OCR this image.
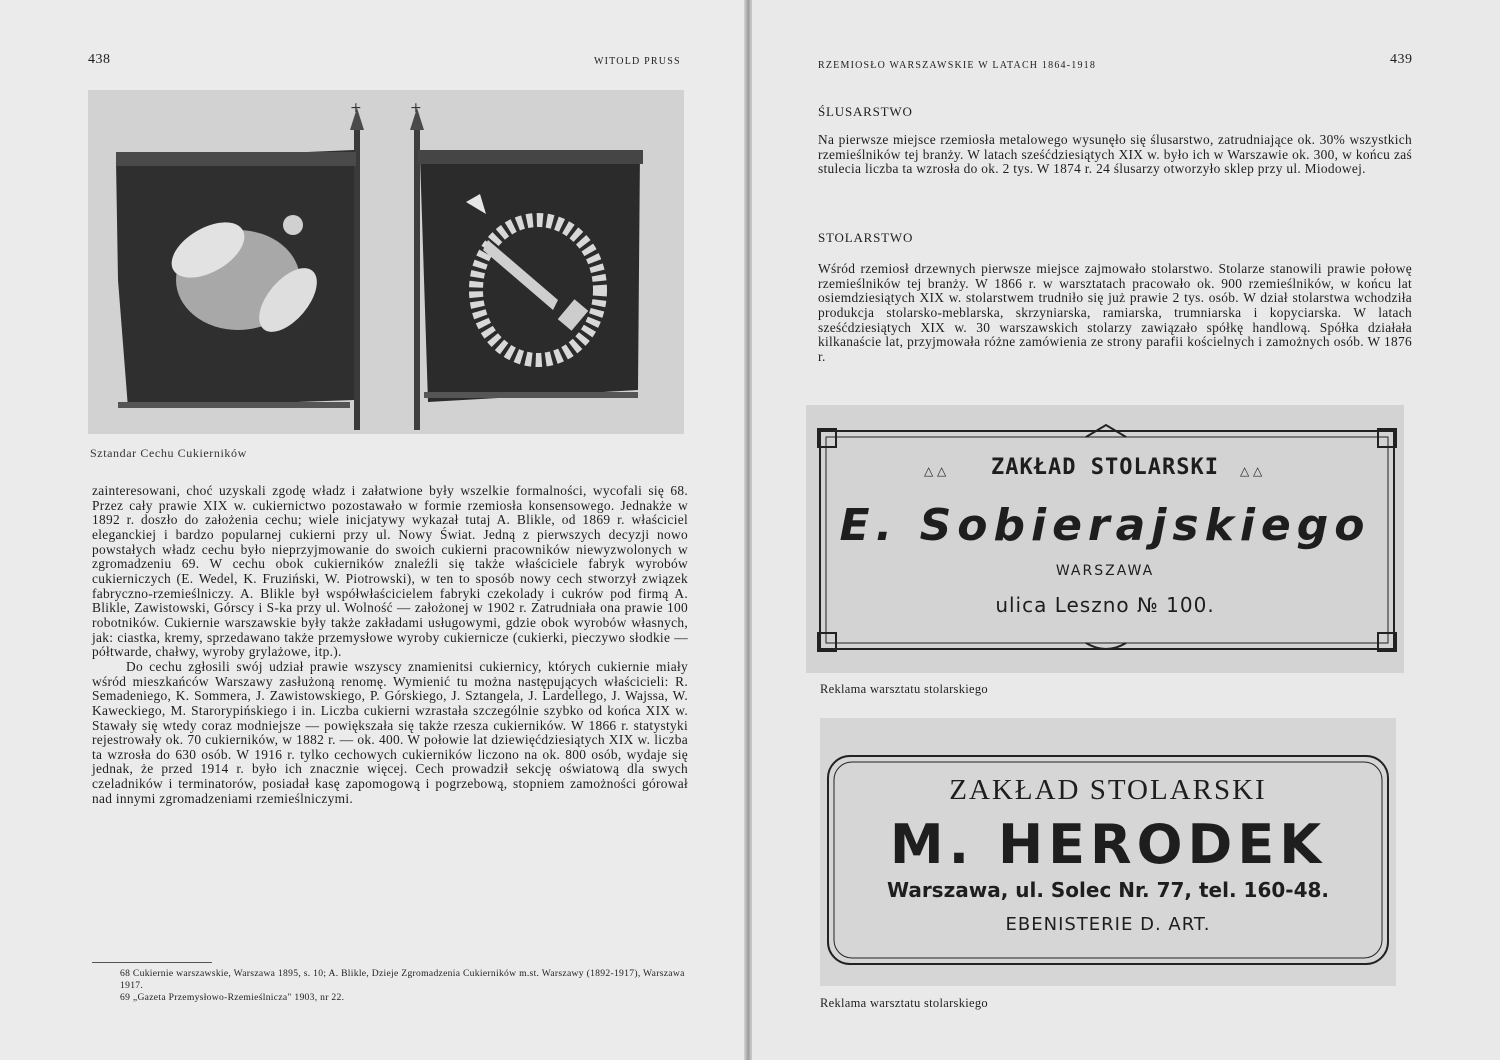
438	WITOLD PRUSS
+	+
Sztandar Cechu Cukierników

zainteresowani, choć uzyskali zgodę władz i załatwione były wszelkie formalności, wycofali się 68. Przez cały prawie XIX w. cukiernictwo pozostawało w formie rzemiosła konsensowego. Jednakże w 1892 r. doszło do założenia cechu; wiele inicjatywy wykazał tutaj A. Blikle, od 1869 r. właściciel eleganckiej i bardzo popularnej cukierni przy ul. Nowy Świat. Jedną z pierwszych decyzji nowo powstałych władz cechu było nieprzyjmowanie do swoich cukierni pracowników niewyzwolonych w zgromadzeniu 69. W cechu obok cukierników znaleźli się także właściciele fabryk wyrobów cukierniczych (E. Wedel, K. Fruziński, W. Piotrowski), w ten to sposób nowy cech stworzył związek fabryczno-rzemieślniczy. A. Blikle był współwłaścicielem fabryki czekolady i cukrów pod firmą A. Blikle, Zawistowski, Górscy i S-ka przy ul. Wolność — założonej w 1902 r. Zatrudniała ona prawie 100 robotników. Cukiernie warszawskie były także zakładami usługowymi, gdzie obok wyrobów własnych, jak: ciastka, kremy, sprzedawano także przemysłowe wyroby cukiernicze (cukierki, pieczywo słodkie — półtwarde, chałwy, wyroby grylażowe, itp.).

Do cechu zgłosili swój udział prawie wszyscy znamienitsi cukiernicy, których cukiernie miały wśród mieszkańców Warszawy zasłużoną renomę. Wymienić tu można następujących właścicieli: R. Semadeniego, K. Sommera, J. Zawistowskiego, P. Górskiego, J. Sztangela, J. Lardellego, J. Wajssa, W. Kaweckiego, M. Starorypińskiego i in. Liczba cukierni wzrastała szczególnie szybko od końca XIX w. Stawały się wtedy coraz modniejsze — powiększała się także rzesza cukierników. W 1866 r. statystyki rejestrowały ok. 70 cukierników, w 1882 r. — ok. 400. W połowie lat dziewięćdziesiątych XIX w. liczba ta wzrosła do 630 osób. W 1916 r. tylko cechowych cukierników liczono na ok. 800 osób, wydaje się jednak, że przed 1914 r. było ich znacznie więcej. Cech prowadził sekcję oświatową dla swych czeladników i terminatorów, posiadał kasę zapomogową i pogrzebową, stopniem zamożności górował nad innymi zgromadzeniami rzemieślniczymi.

68 Cukiernie warszawskie, Warszawa 1895, s. 10; A. Blikle, Dzieje Zgromadzenia Cukierników m.st. Warszawy (1892-1917), Warszawa 1917.
69 „Gazeta Przemysłowo-Rzemieślnicza" 1903, nr 22.
RZEMIOSŁO WARSZAWSKIE W LATACH 1864-1918	439
ŚLUSARSTWO

Na pierwsze miejsce rzemiosła metalowego wysunęło się ślusarstwo, zatrudniające ok. 30% wszystkich rzemieślników tej branży. W latach sześćdziesiątych XIX w. było ich w Warszawie ok. 300, w końcu zaś stulecia liczba ta wzrosła do ok. 2 tys. W 1874 r. 24 ślusarzy otworzyło sklep przy ul. Miodowej.

STOLARSTWO

Wśród rzemiosł drzewnych pierwsze miejsce zajmowało stolarstwo. Stolarze stanowili prawie połowę rzemieślników tej branży. W 1866 r. w warsztatach pracowało ok. 900 rzemieślników, w końcu lat osiemdziesiątych XIX w. stolarstwem trudniło się już prawie 2 tys. osób. W dział stolarstwa wchodziła produkcja stolarsko-meblarska, skrzyniarska, ramiarska, trumniarska i kopyciarska. W latach sześćdziesiątych XIX w. 30 warszawskich stolarzy zawiązało spółkę handlową. Spółka działała kilkanaście lat, przyjmowała różne zamówienia ze strony parafii kościelnych i zamożnych osób. W 1876 r.

△ △	△ △
ZAKŁAD STOLARSKI
E. Sobierajskiego
WARSZAWA
ulica Leszno № 100.
Reklama warsztatu stolarskiego
ZAKŁAD STOLARSKI
M. HERODEK
Warszawa, ul. Solec Nr. 77, tel. 160-48.
EBENISTERIE D. ART.
Reklama warsztatu stolarskiego
